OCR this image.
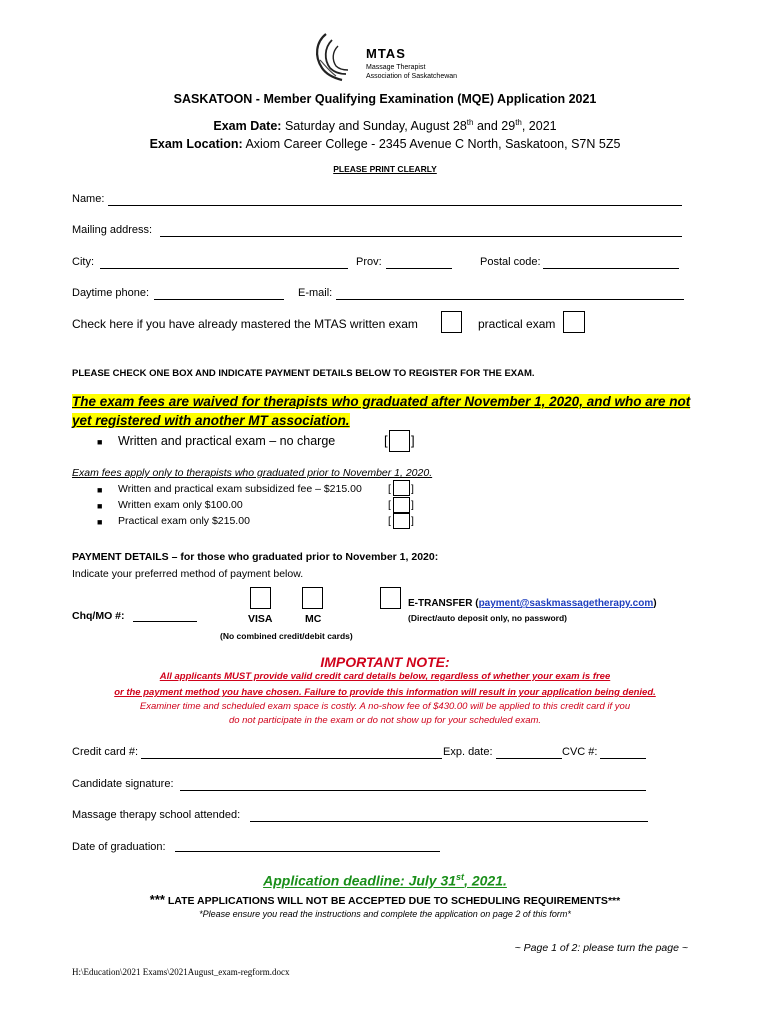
MTAS
Massage Therapist
Association of Saskatchewan
SASKATOON - Member Qualifying Examination (MQE) Application 2021
Exam Date: Saturday and Sunday, August 28th and 29th, 2021
Exam Location: Axiom Career College - 2345 Avenue C North, Saskatoon, S7N 5Z5
PLEASE PRINT CLEARLY
Name:
Mailing address:
City:	Prov:	Postal code:
Daytime phone:	E-mail:
Check here if you have already mastered the MTAS written exam	practical exam
PLEASE CHECK ONE BOX AND INDICATE PAYMENT DETAILS BELOW TO REGISTER FOR THE EXAM.
The exam fees are waived for therapists who graduated after November 1, 2020, and who are not
yet registered with another MT association.
■ Written and practical exam – no charge	[ ]
Exam fees apply only to therapists who graduated prior to November 1, 2020.
■ Written and practical exam subsidized fee – $215.00 [ ]
■ Written exam only $100.00	[ ]
■ Practical exam only $215.00	[ ]
PAYMENT DETAILS – for those who graduated prior to November 1, 2020:
Indicate your preferred method of payment below.
Chq/MO #:	VISA	MC
(No combined credit/debit cards)
E-TRANSFER (payment@saskmassagetherapy.com)
(Direct/auto deposit only, no password)
IMPORTANT NOTE:
All applicants MUST provide valid credit card details below, regardless of whether your exam is free
or the payment method you have chosen. Failure to provide this information will result in your application being denied.
Examiner time and scheduled exam space is costly. A no-show fee of $430.00 will be applied to this credit card if you
do not participate in the exam or do not show up for your scheduled exam.
Credit card #:	Exp. date:	CVC #:
Candidate signature:
Massage therapy school attended:
Date of graduation:
Application deadline: July 31st, 2021.
*** LATE APPLICATIONS WILL NOT BE ACCEPTED DUE TO SCHEDULING REQUIREMENTS***
*Please ensure you read the instructions and complete the application on page 2 of this form*
~ Page 1 of 2: please turn the page ~
H:\Education\2021 Exams\2021August_exam-regform.docx
